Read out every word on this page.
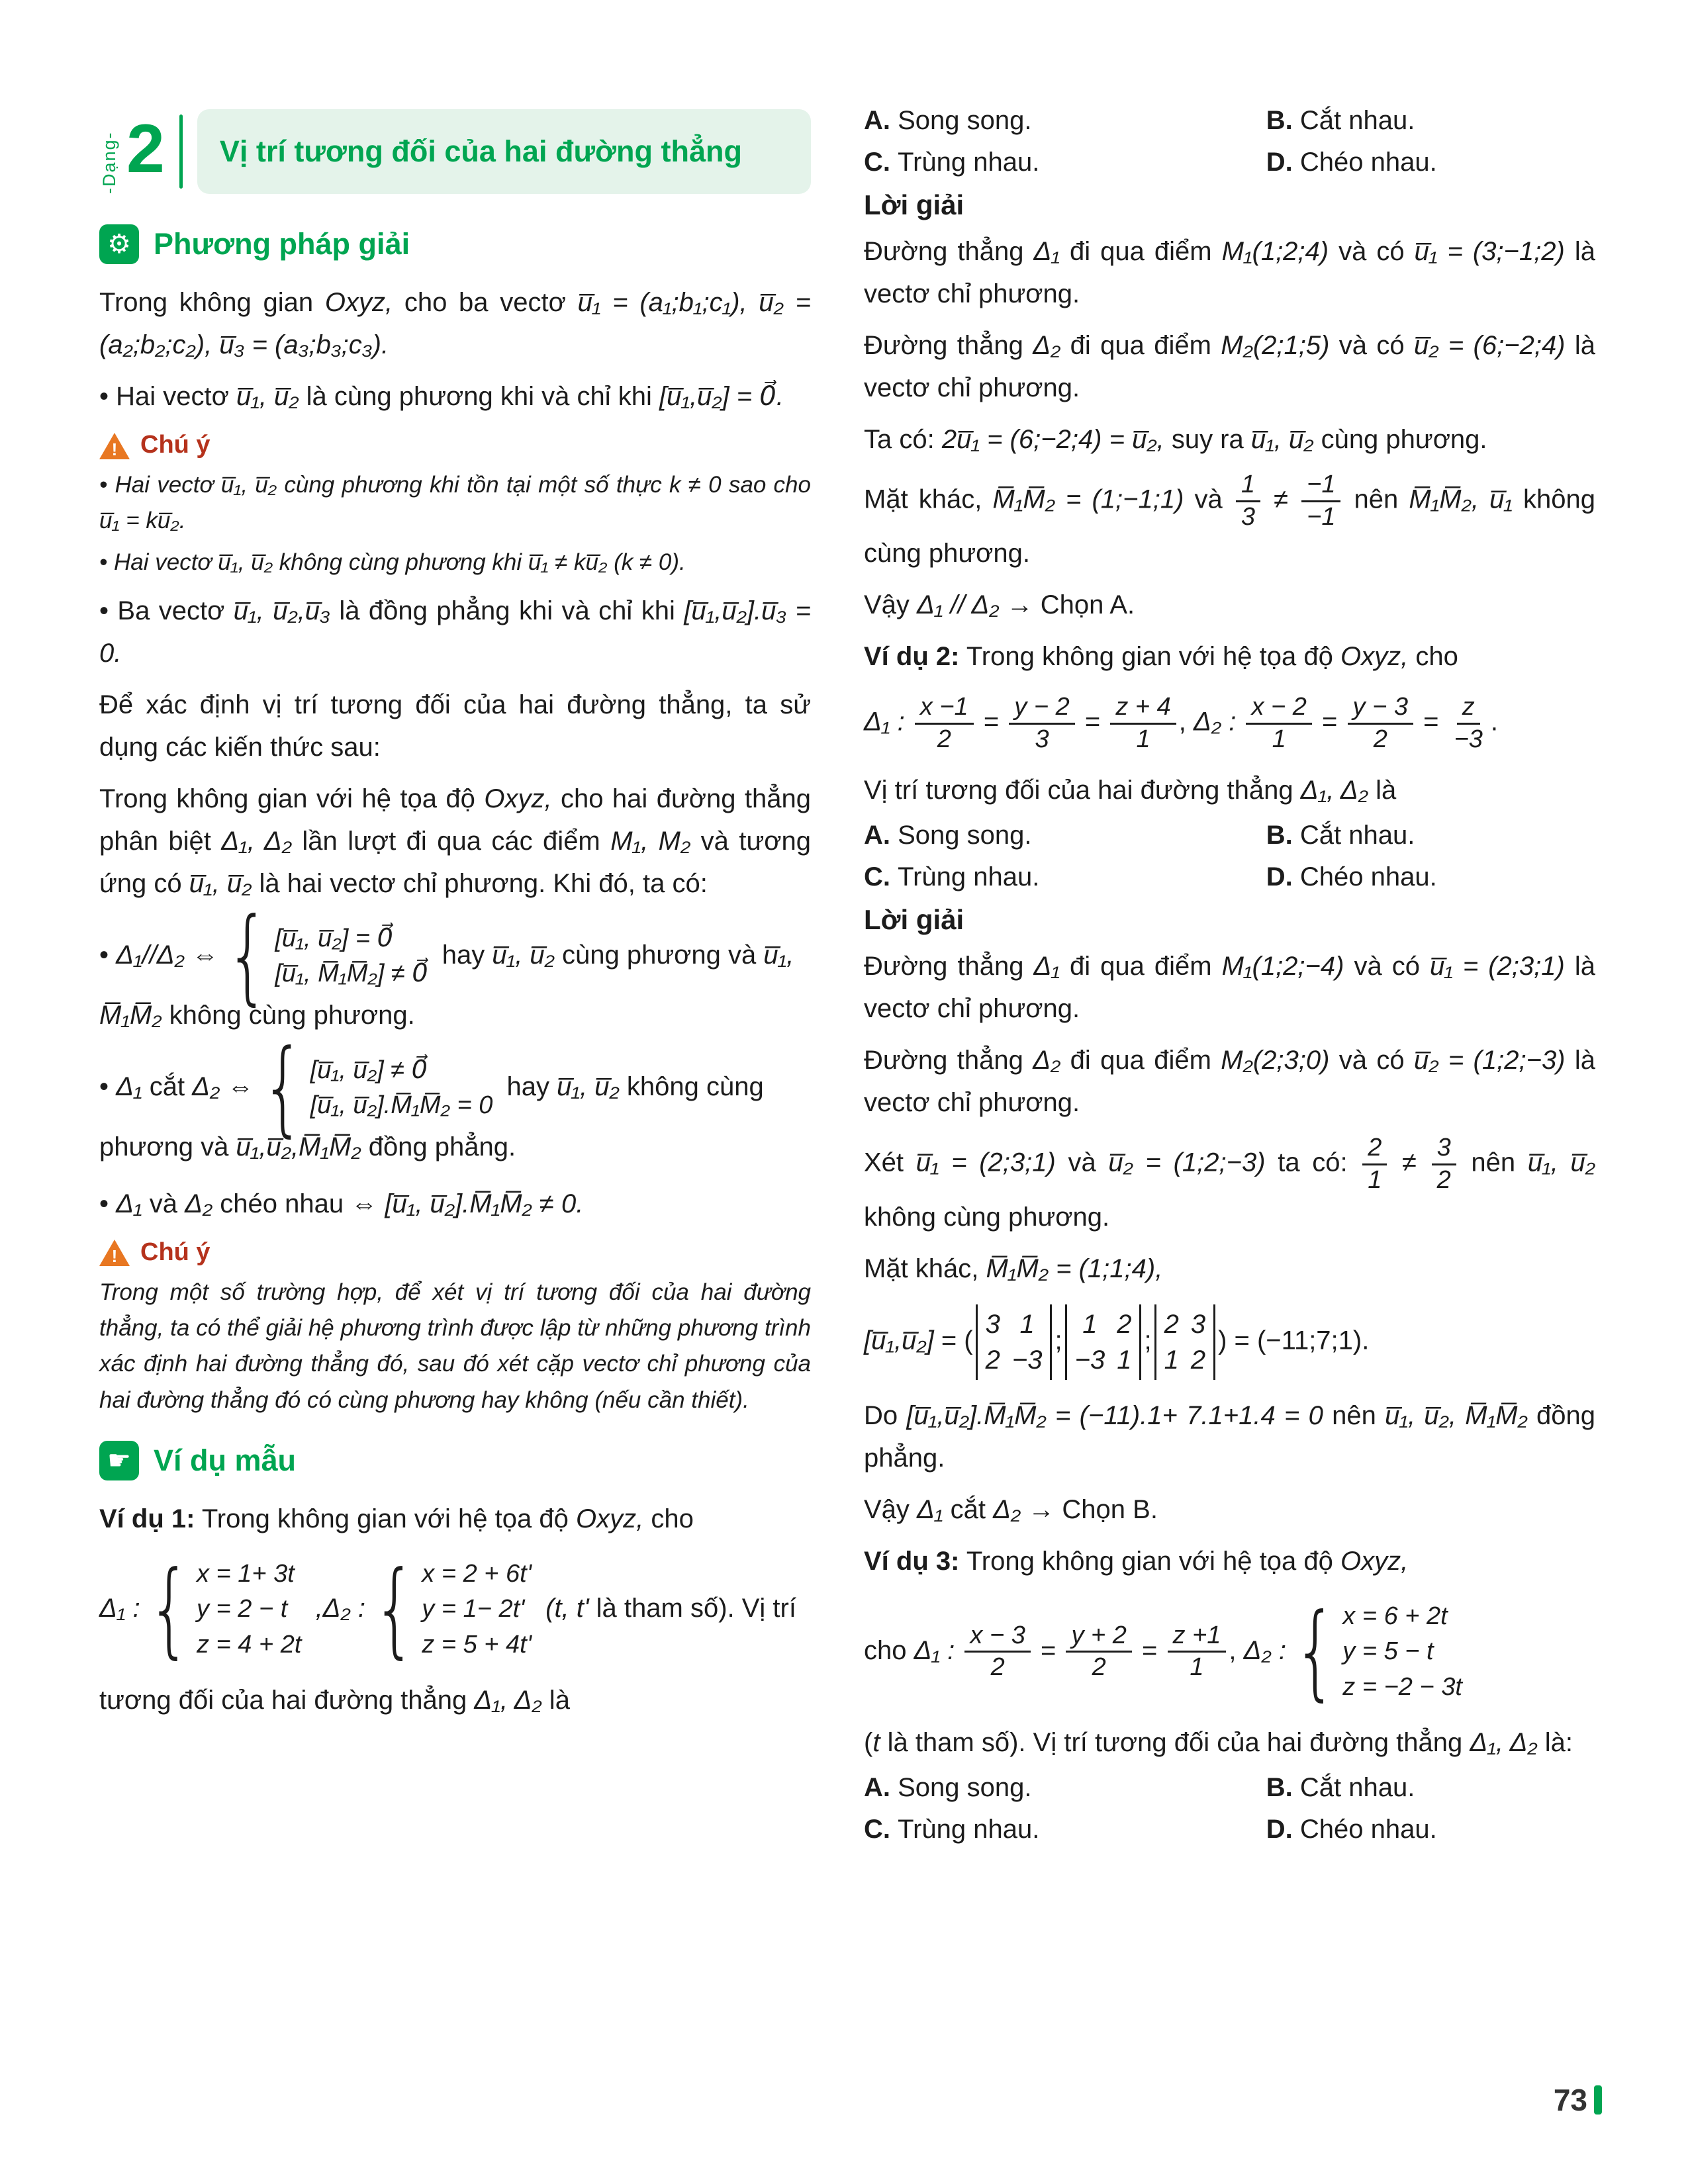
-Dạng- 2 Vị trí tương đối của hai đường thẳng
⚙ Phương pháp giải

Trong không gian Oxyz, cho ba vectơ u̅₁ = (a₁;b₁;c₁), u̅₂ = (a₂;b₂;c₂), u̅₃ = (a₃;b₃;c₃).

• Hai vectơ u̅₁, u̅₂ là cùng phương khi và chỉ khi [u̅₁,u̅₂] = 0⃗.

!
Chú ý

• Hai vectơ u̅₁, u̅₂ cùng phương khi tồn tại một số thực k ≠ 0 sao cho u̅₁ = ku̅₂.

• Hai vectơ u̅₁, u̅₂ không cùng phương khi u̅₁ ≠ ku̅₂ (k ≠ 0).

• Ba vectơ u̅₁, u̅₂,u̅₃ là đồng phẳng khi và chỉ khi [u̅₁,u̅₂].u̅₃ = 0.

Để xác định vị trí tương đối của hai đường thẳng, ta sử dụng các kiến thức sau:

Trong không gian với hệ tọa độ Oxyz, cho hai đường thẳng phân biệt Δ₁, Δ₂ lần lượt đi qua các điểm M₁, M₂ và tương ứng có u̅₁, u̅₂ là hai vectơ chỉ phương. Khi đó, ta có:

• Δ₁//Δ₂ ⇔ { [u̅₁, u̅₂] = 0⃗
[u̅₁, M̅₁M̅₂] ≠ 0⃗
hay u̅₁, u̅₂ cùng phương và u̅₁, M̅₁M̅₂ không cùng phương.

• Δ₁ cắt Δ₂ ⇔ { [u̅₁, u̅₂] ≠ 0⃗
[u̅₁, u̅₂].M̅₁M̅₂ = 0
hay u̅₁, u̅₂ không cùng phương và u̅₁,u̅₂,M̅₁M̅₂ đồng phẳng.

• Δ₁ và Δ₂ chéo nhau ⇔ [u̅₁, u̅₂].M̅₁M̅₂ ≠ 0.

!
Chú ý

Trong một số trường hợp, để xét vị trí tương đối của hai đường thẳng, ta có thể giải hệ phương trình được lập từ những phương trình xác định hai đường thẳng đó, sau đó xét cặp vectơ chỉ phương của hai đường thẳng đó có cùng phương hay không (nếu cần thiết).

☛ Ví dụ mẫu

Ví dụ 1: Trong không gian với hệ tọa độ Oxyz, cho

Δ₁ : { x = 1+ 3t
y = 2 − t
z = 4 + 2t
,Δ₂ : { x = 2 + 6t'
y = 1− 2t'
z = 5 + 4t'
(t, t' là tham số). Vị trí

tương đối của hai đường thẳng Δ₁, Δ₂ là

A. Song song.	B. Cắt nhau.
C. Trùng nhau.	D. Chéo nhau.

Lời giải

Đường thẳng Δ₁ đi qua điểm M₁(1;2;4) và có u̅₁ = (3;−1;2) là vectơ chỉ phương.

Đường thẳng Δ₂ đi qua điểm M₂(2;1;5) và có u̅₂ = (6;−2;4) là vectơ chỉ phương.

Ta có: 2u̅₁ = (6;−2;4) = u̅₂, suy ra u̅₁, u̅₂ cùng phương.

Mặt khác, M̅₁M̅₂ = (1;−1;1) và $\frac{1}{3} \ne \frac{-1}{-1}$ nên M̅₁M̅₂, u̅₁ không cùng phương.

Vậy Δ₁ // Δ₂ → Chọn A.

Ví dụ 2: Trong không gian với hệ tọa độ Oxyz, cho

Δ₁ : $\frac{x -1}{2} = \frac{y - 2}{3} = \frac{z + 4}{1}$ , Δ₂ : $\frac{x - 2}{1} = \frac{y - 3}{2} = \frac{z}{-3}$ .

Vị trí tương đối của hai đường thẳng Δ₁, Δ₂ là

A. Song song.	B. Cắt nhau.
C. Trùng nhau.	D. Chéo nhau.

Lời giải

Đường thẳng Δ₁ đi qua điểm M₁(1;2;−4) và có u̅₁ = (2;3;1) là vectơ chỉ phương.

Đường thẳng Δ₂ đi qua điểm M₂(2;3;0) và có u̅₂ = (1;2;−3) là vectơ chỉ phương.

Xét u̅₁ = (2;3;1) và u̅₂ = (1;2;−3) ta có: $\frac{2}{1} \ne \frac{3}{2}$ nên u̅₁, u̅₂ không cùng phương.

Mặt khác, M̅₁M̅₂ = (1;1;4),

[u̅₁,u̅₂] = (
3 1
2 −3
;
1 2
−3 1
;
2 3
1 2
) = (−11;7;1).

Do [u̅₁,u̅₂].M̅₁M̅₂ = (−11).1+ 7.1+1.4 = 0 nên u̅₁, u̅₂, M̅₁M̅₂ đồng phẳng.

Vậy Δ₁ cắt Δ₂ → Chọn B.

Ví dụ 3: Trong không gian với hệ tọa độ Oxyz,

cho Δ₁ : $\frac{x - 3}{2} = \frac{y + 2}{2} = \frac{z +1}{1}$ , Δ₂ : { x = 6 + 2t
y = 5 − t
z = −2 − 3t

(t là tham số). Vị trí tương đối của hai đường thẳng Δ₁, Δ₂ là:

A. Song song.	B. Cắt nhau.
C. Trùng nhau.	D. Chéo nhau.
73
